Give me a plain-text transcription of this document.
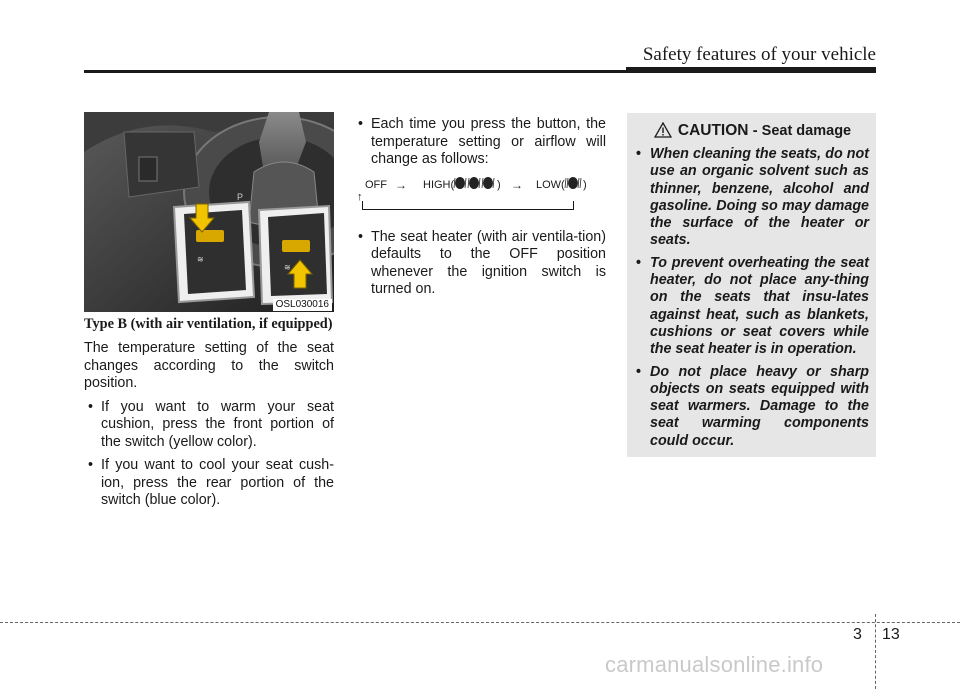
Safety features of your vehicle
P
≋
≋
OSL030016
Type B (with air ventilation, if equipped)

The temperature setting of the seat changes according to the switch position.

• If you want to warm your seat cushion, press the front portion of the switch (yellow color).
• If you want to cool your seat cush-ion, press the rear portion of the switch (blue color).
• Each time you press the button, the temperature setting or airflow will change as follows:
OFF → HIGH(	) → LOW( )
↑
• The seat heater (with air ventila-tion) defaults to the OFF position whenever the ignition switch is turned on.
CAUTION - Seat damage
• When cleaning the seats, do not use an organic solvent such as thinner, benzene, alcohol and gasoline. Doing so may damage the surface of the heater or seats.
• To prevent overheating the seat heater, do not place any-thing on the seats that insu-lates against heat, such as blankets, cushions or seat covers while the seat heater is in operation.
• Do not place heavy or sharp objects on seats equipped with seat warmers. Damage to the seat warming components could occur.
3 13
carmanualsonline.info
